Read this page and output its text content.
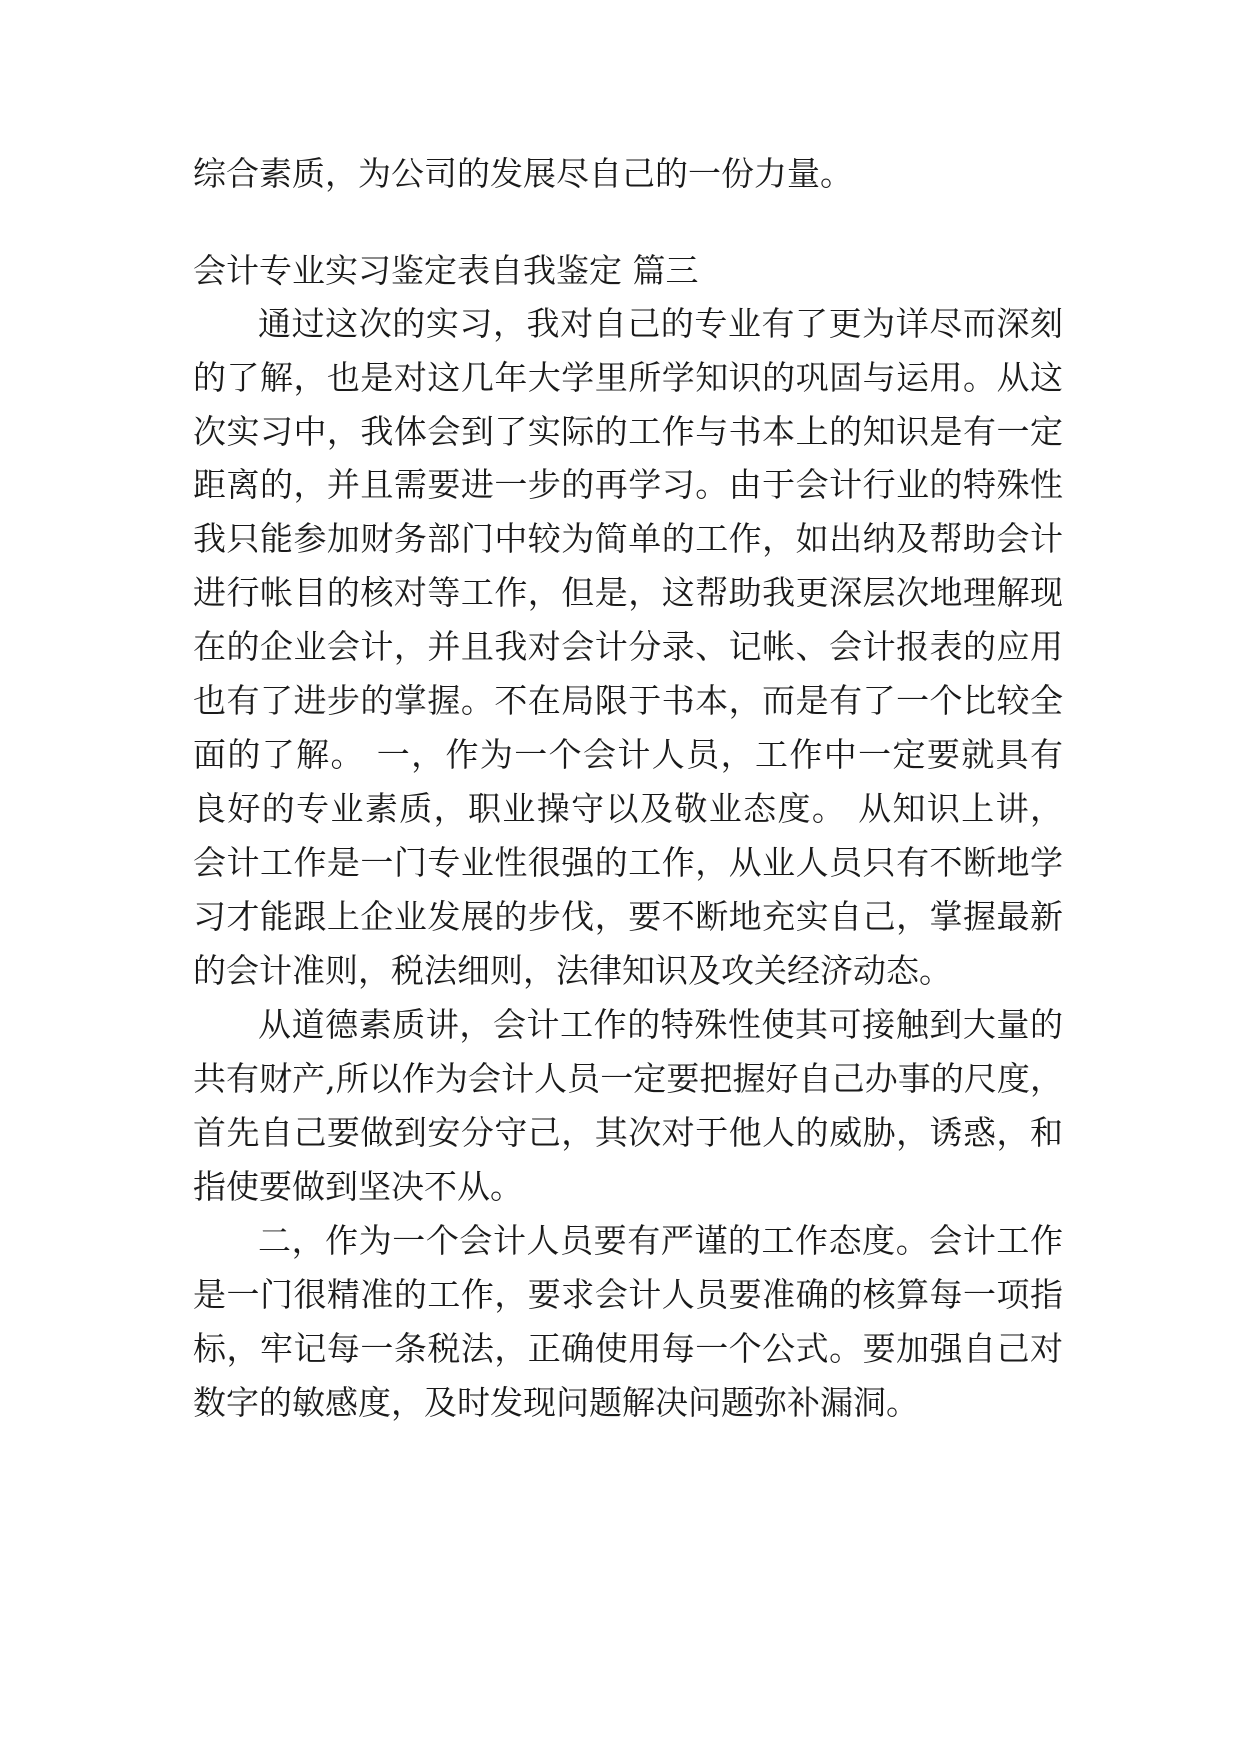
综合素质，为公司的发展尽自己的一份力量。
会计专业实习鉴定表自我鉴定 篇三
通过这次的实习，我对自己的专业有了更为详尽而深刻
的了解，也是对这几年大学里所学知识的巩固与运用。从这
次实习中，我体会到了实际的工作与书本上的知识是有一定
距离的，并且需要进一步的再学习。由于会计行业的特殊性
我只能参加财务部门中较为简单的工作，如出纳及帮助会计
进行帐目的核对等工作，但是，这帮助我更深层次地理解现
在的企业会计，并且我对会计分录、记帐、会计报表的应用
也有了进步的掌握。不在局限于书本，而是有了一个比较全
面的了解。 一，作为一个会计人员，工作中一定要就具有
良好的专业素质，职业操守以及敬业态度。 从知识上讲，
会计工作是一门专业性很强的工作，从业人员只有不断地学
习才能跟上企业发展的步伐，要不断地充实自己，掌握最新
的会计准则，税法细则，法律知识及攻关经济动态。
从道德素质讲，会计工作的特殊性使其可接触到大量的
共有财产,所以作为会计人员一定要把握好自己办事的尺度，
首先自己要做到安分守己，其次对于他人的威胁，诱惑，和
指使要做到坚决不从。
二，作为一个会计人员要有严谨的工作态度。会计工作
是一门很精准的工作，要求会计人员要准确的核算每一项指
标，牢记每一条税法，正确使用每一个公式。要加强自己对
数字的敏感度，及时发现问题解决问题弥补漏洞。
